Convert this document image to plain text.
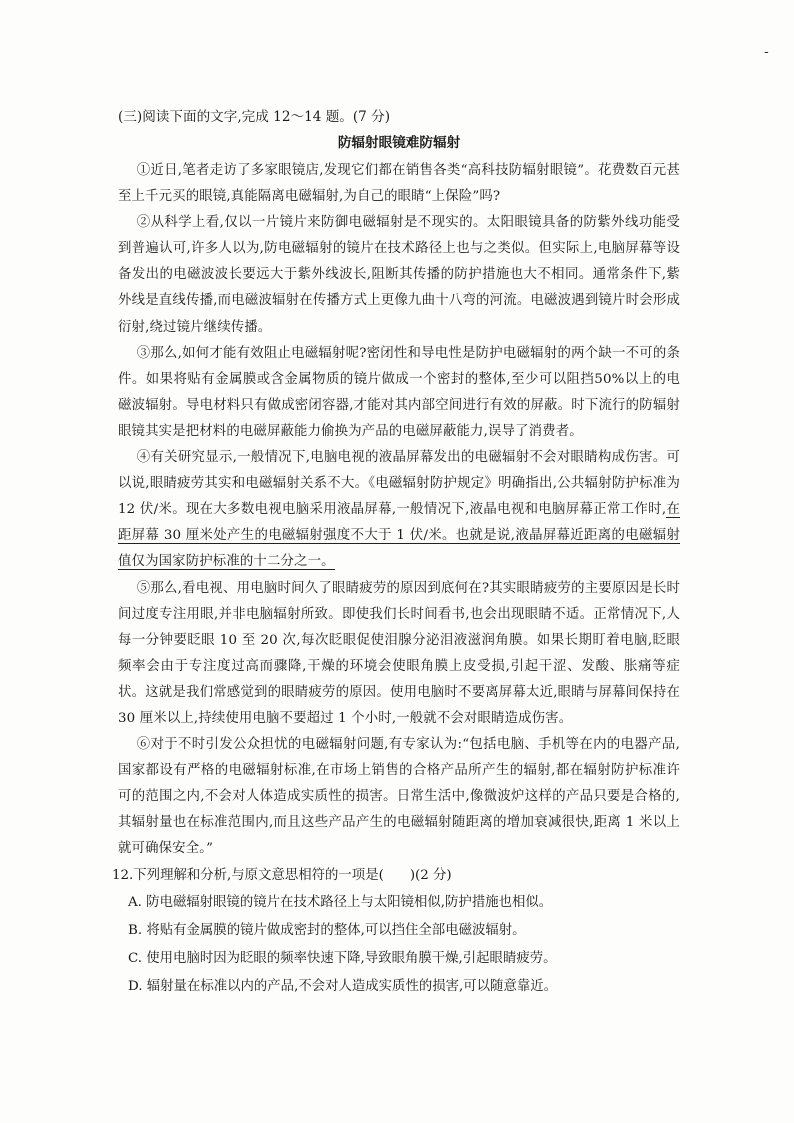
-

(三)阅读下面的文字,完成 12～14 题。(7 分)

防辐射眼镜难防辐射

①近日,笔者走访了多家眼镜店,发现它们都在销售各类“高科技防辐射眼镜”。花费数百元甚至上千元买的眼镜,真能隔离电磁辐射,为自己的眼睛“上保险”吗?

②从科学上看,仅以一片镜片来防御电磁辐射是不现实的。太阳眼镜具备的防紫外线功能受到普遍认可,许多人以为,防电磁辐射的镜片在技术路径上也与之类似。但实际上,电脑屏幕等设备发出的电磁波波长要远大于紫外线波长,阻断其传播的防护措施也大不相同。通常条件下,紫外线是直线传播,而电磁波辐射在传播方式上更像九曲十八弯的河流。电磁波遇到镜片时会形成衍射,绕过镜片继续传播。

③那么,如何才能有效阻止电磁辐射呢?密闭性和导电性是防护电磁辐射的两个缺一不可的条件。如果将贴有金属膜或含金属物质的镜片做成一个密封的整体,至少可以阻挡50%以上的电磁波辐射。导电材料只有做成密闭容器,才能对其内部空间进行有效的屏蔽。时下流行的防辐射眼镜其实是把材料的电磁屏蔽能力偷换为产品的电磁屏蔽能力,误导了消费者。

④有关研究显示,一般情况下,电脑电视的液晶屏幕发出的电磁辐射不会对眼睛构成伤害。可以说,眼睛疲劳其实和电磁辐射关系不大。《电磁辐射防护规定》明确指出,公共辐射防护标准为 12 伏/米。现在大多数电视电脑采用液晶屏幕,一般情况下,液晶电视和电脑屏幕正常工作时,在距屏幕 30 厘米处产生的电磁辐射强度不大于 1 伏/米。也就是说,液晶屏幕近距离的电磁辐射值仅为国家防护标准的十二分之一。

⑤那么,看电视、用电脑时间久了眼睛疲劳的原因到底何在?其实眼睛疲劳的主要原因是长时间过度专注用眼,并非电脑辐射所致。即使我们长时间看书,也会出现眼睛不适。正常情况下,人每一分钟要眨眼 10 至 20 次,每次眨眼促使泪腺分泌泪液滋润角膜。如果长期盯着电脑,眨眼频率会由于专注度过高而骤降,干燥的环境会使眼角膜上皮受损,引起干涩、发酸、胀痛等症状。这就是我们常感觉到的眼睛疲劳的原因。使用电脑时不要离屏幕太近,眼睛与屏幕间保持在 30 厘米以上,持续使用电脑不要超过 1 个小时,一般就不会对眼睛造成伤害。

⑥对于不时引发公众担忧的电磁辐射问题,有专家认为:“包括电脑、手机等在内的电器产品,国家都设有严格的电磁辐射标准,在市场上销售的合格产品所产生的辐射,都在辐射防护标准许可的范围之内,不会对人体造成实质性的损害。日常生活中,像微波炉这样的产品只要是合格的,其辐射量也在标准范围内,而且这些产品产生的电磁辐射随距离的增加衰减很快,距离 1 米以上就可确保安全。”

12.下列理解和分析,与原文意思相符的一项是( )(2 分)

A. 防电磁辐射眼镜的镜片在技术路径上与太阳镜相似,防护措施也相似。

B. 将贴有金属膜的镜片做成密封的整体,可以挡住全部电磁波辐射。

C. 使用电脑时因为眨眼的频率快速下降,导致眼角膜干燥,引起眼睛疲劳。

D. 辐射量在标准以内的产品,不会对人造成实质性的损害,可以随意靠近。
